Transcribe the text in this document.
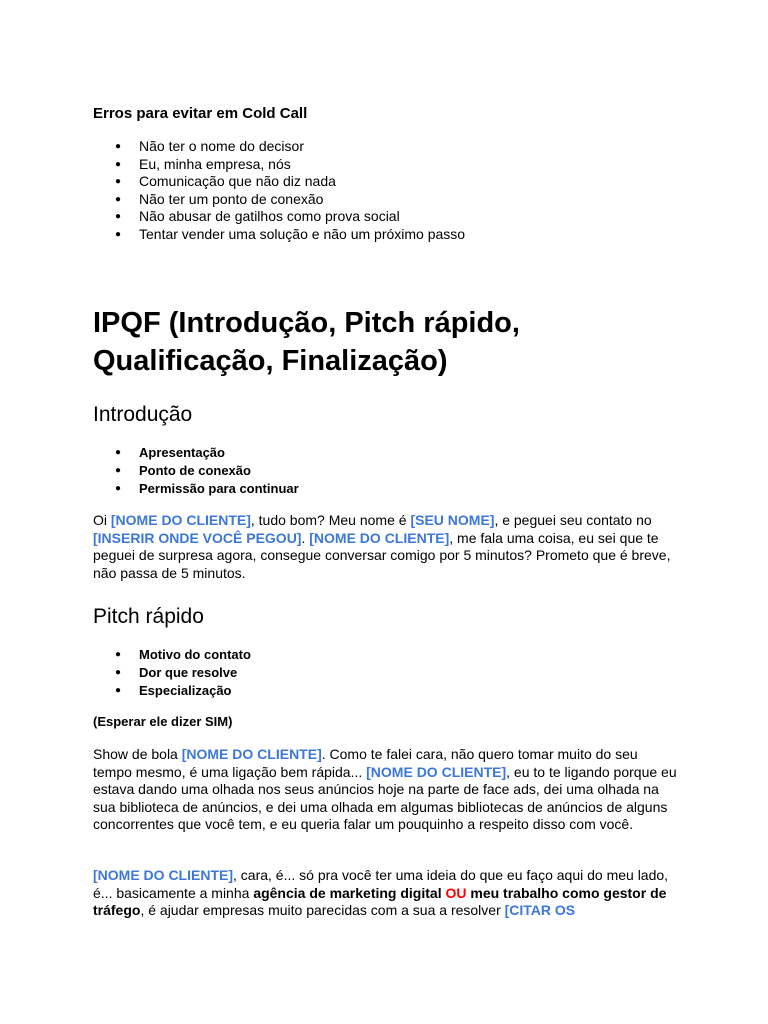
Erros para evitar em Cold Call
● Não ter o nome do decisor
● Eu, minha empresa, nós
● Comunicação que não diz nada
● Não ter um ponto de conexão
● Não abusar de gatilhos como prova social
● Tentar vender uma solução e não um próximo passo
IPQF (Introdução, Pitch rápido, Qualificação, Finalização)
Introdução
● Apresentação
● Ponto de conexão
● Permissão para continuar
Oi [NOME DO CLIENTE], tudo bom? Meu nome é [SEU NOME], e peguei seu contato no [INSERIR ONDE VOCÊ PEGOU]. [NOME DO CLIENTE], me fala uma coisa, eu sei que te peguei de surpresa agora, consegue conversar comigo por 5 minutos? Prometo que é breve, não passa de 5 minutos.
Pitch rápido
● Motivo do contato
● Dor que resolve
● Especialização
(Esperar ele dizer SIM)
Show de bola [NOME DO CLIENTE]. Como te falei cara, não quero tomar muito do seu tempo mesmo, é uma ligação bem rápida... [NOME DO CLIENTE], eu to te ligando porque eu estava dando uma olhada nos seus anúncios hoje na parte de face ads, dei uma olhada na sua biblioteca de anúncios, e dei uma olhada em algumas bibliotecas de anúncios de alguns concorrentes que você tem, e eu queria falar um pouquinho a respeito disso com você.
[NOME DO CLIENTE], cara, é... só pra você ter uma ideia do que eu faço aqui do meu lado, é... basicamente a minha agência de marketing digital OU meu trabalho como gestor de tráfego, é ajudar empresas muito parecidas com a sua a resolver [CITAR OS
